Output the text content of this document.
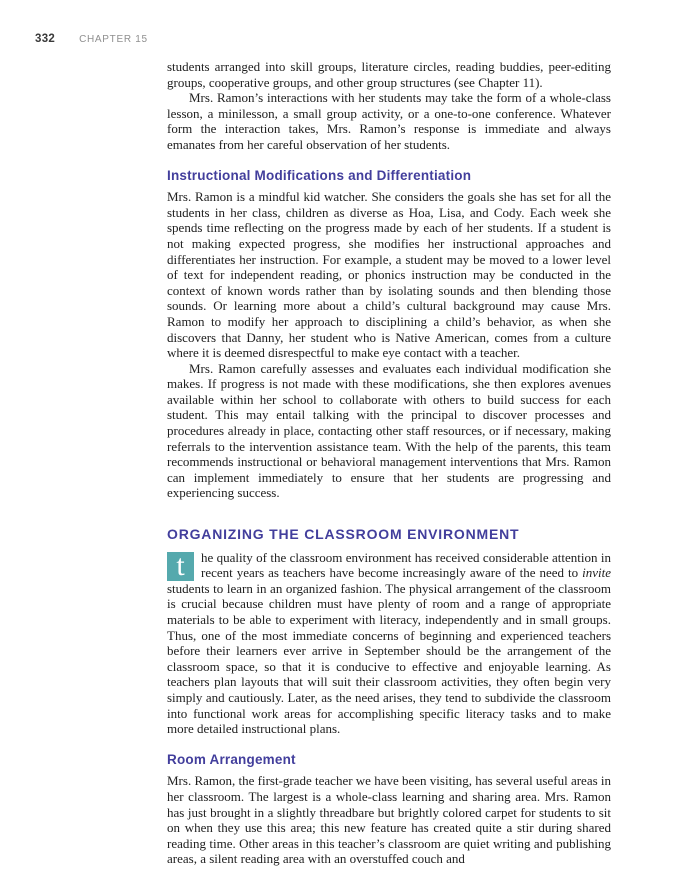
332 CHAPTER 15

students arranged into skill groups, literature circles, reading buddies, peer-editing groups, cooperative groups, and other group structures (see Chapter 11).

Mrs. Ramon’s interactions with her students may take the form of a whole-class lesson, a minilesson, a small group activity, or a one-to-one conference. Whatever form the interaction takes, Mrs. Ramon’s response is immediate and always emanates from her careful observation of her students.

Instructional Modifications and Differentiation

Mrs. Ramon is a mindful kid watcher. She considers the goals she has set for all the students in her class, children as diverse as Hoa, Lisa, and Cody. Each week she spends time reflecting on the progress made by each of her students. If a student is not making expected progress, she modifies her instructional approaches and differentiates her instruction. For example, a student may be moved to a lower level of text for independent reading, or phonics instruction may be conducted in the context of known words rather than by isolating sounds and then blending those sounds. Or learning more about a child’s cultural background may cause Mrs. Ramon to modify her approach to disciplining a child’s behavior, as when she discovers that Danny, her student who is Native American, comes from a culture where it is deemed disrespectful to make eye contact with a teacher.

Mrs. Ramon carefully assesses and evaluates each individual modification she makes. If progress is not made with these modifications, she then explores avenues available within her school to collaborate with others to build success for each student. This may entail talking with the principal to discover processes and procedures already in place, contacting other staff resources, or if necessary, making referrals to the intervention assistance team. With the help of the parents, this team recommends instructional or behavioral management interventions that Mrs. Ramon can implement immediately to ensure that her students are progressing and experiencing success.

ORGANIZING THE CLASSROOM ENVIRONMENT

t	he quality of the classroom environment has received considerable attention in recent years as teachers have become increasingly aware of the need to invite students to learn in an organized fashion. The physical arrangement of the classroom is crucial because children must have plenty of room and a range of appropriate materials to be able to experiment with literacy, independently and in small groups. Thus, one of the most immediate concerns of beginning and experienced teachers before their learners ever arrive in September should be the arrangement of the classroom space, so that it is conducive to effective and enjoyable learning. As teachers plan layouts that will suit their classroom activities, they often begin very simply and cautiously. Later, as the need arises, they tend to subdivide the classroom into functional work areas for accomplishing specific literacy tasks and to make more detailed instructional plans.

Room Arrangement

Mrs. Ramon, the first-grade teacher we have been visiting, has several useful areas in her classroom. The largest is a whole-class learning and sharing area. Mrs. Ramon has just brought in a slightly threadbare but brightly colored carpet for students to sit on when they use this area; this new feature has created quite a stir during shared reading time. Other areas in this teacher’s classroom are quiet writing and publishing areas, a silent reading area with an overstuffed couch and
